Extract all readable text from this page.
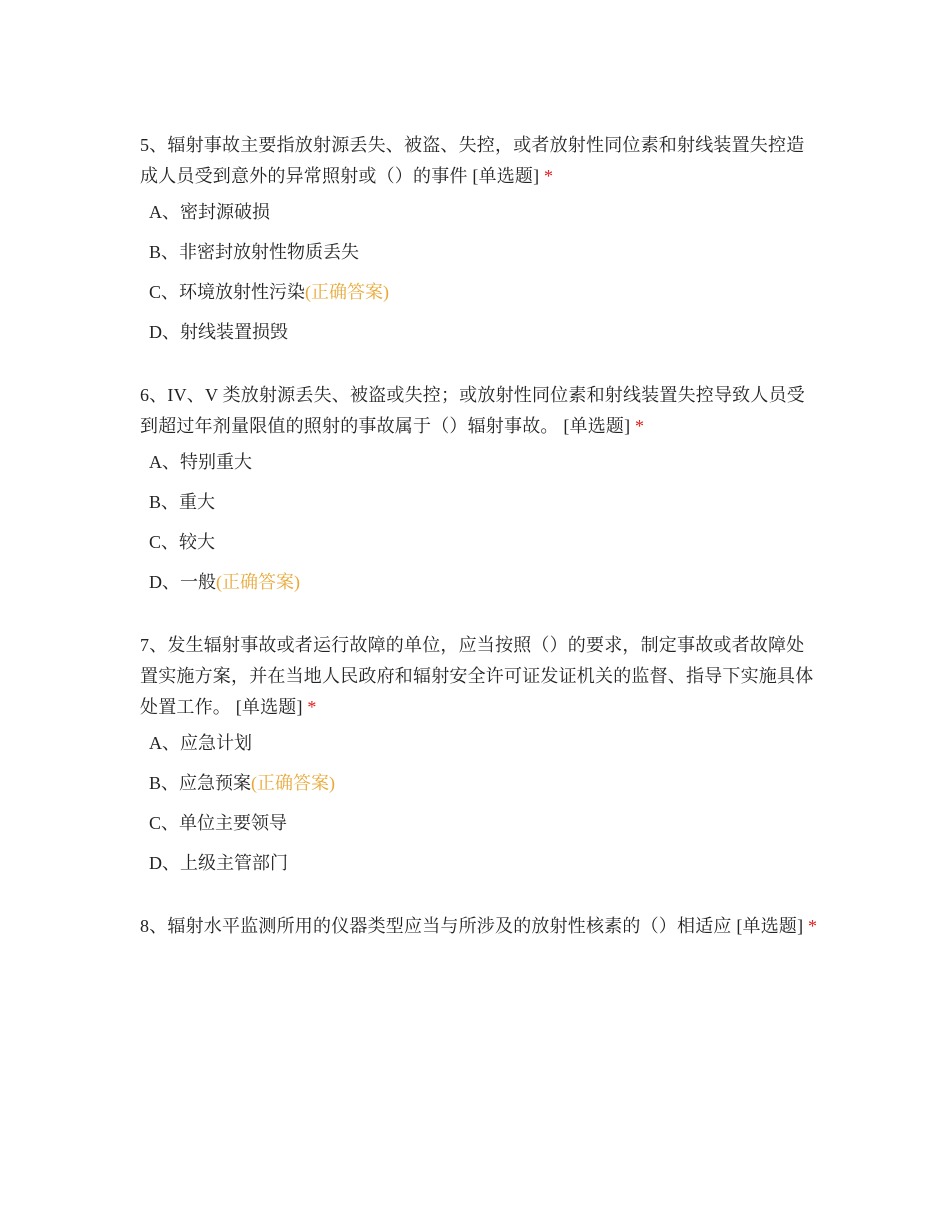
5、辐射事故主要指放射源丢失、被盗、失控，或者放射性同位素和射线装置失控造成人员受到意外的异常照射或（）的事件 [单选题] *
A、密封源破损
B、非密封放射性物质丢失
C、环境放射性污染(正确答案)
D、射线装置损毁
6、IV、V 类放射源丢失、被盗或失控；或放射性同位素和射线装置失控导致人员受到超过年剂量限值的照射的事故属于（）辐射事故。 [单选题] *
A、特别重大
B、重大
C、较大
D、一般(正确答案)
7、发生辐射事故或者运行故障的单位，应当按照（）的要求，制定事故或者故障处置实施方案，并在当地人民政府和辐射安全许可证发证机关的监督、指导下实施具体处置工作。 [单选题] *
A、应急计划
B、应急预案(正确答案)
C、单位主要领导
D、上级主管部门
8、辐射水平监测所用的仪器类型应当与所涉及的放射性核素的（）相适应 [单选题] *
